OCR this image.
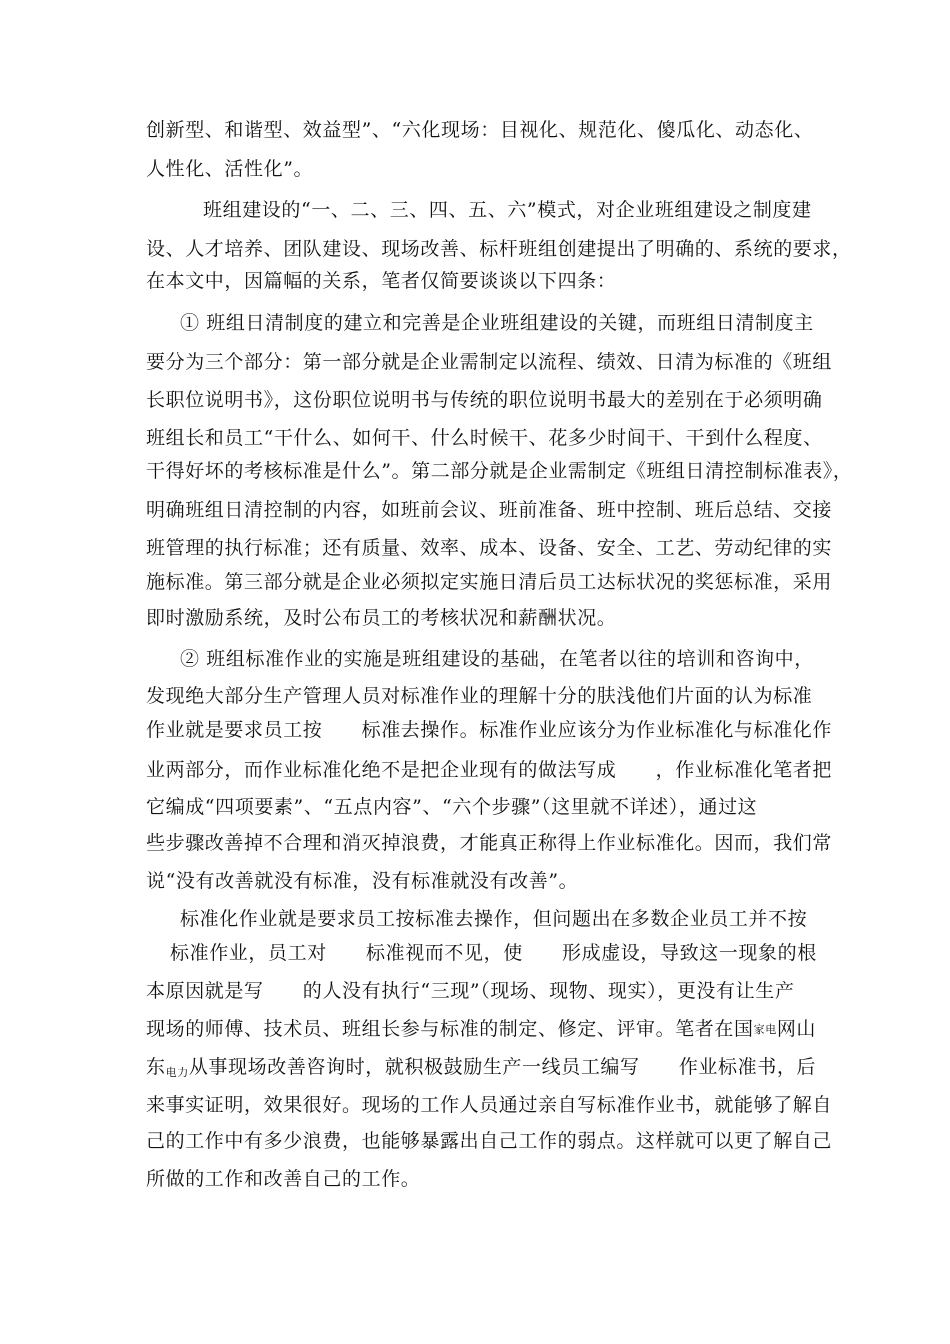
创新型、和谐型、效益型”、“六化现场：目视化、规范化、傻瓜化、动态化、
人性化、活性化”。
班组建设的“一、二、三、四、五、六”模式，对企业班组建设之制度建
设、人才培养、团队建设、现场改善、标杆班组创建提出了明确的、系统的要求，
在本文中，因篇幅的关系，笔者仅简要谈谈以下四条：
① 班组日清制度的建立和完善是企业班组建设的关键，而班组日清制度主
要分为三个部分：第一部分就是企业需制定以流程、绩效、日清为标准的《班组
长职位说明书》，这份职位说明书与传统的职位说明书最大的差别在于必须明确
班组长和员工“干什么、如何干、什么时候干、花多少时间干、干到什么程度、
干得好坏的考核标准是什么”。第二部分就是企业需制定《班组日清控制标准表》，
明确班组日清控制的内容，如班前会议、班前准备、班中控制、班后总结、交接
班管理的执行标准；还有质量、效率、成本、设备、安全、工艺、劳动纪律的实
施标准。第三部分就是企业必须拟定实施日清后员工达标状况的奖惩标准，采用
即时激励系统，及时公布员工的考核状况和薪酬状况。
② 班组标准作业的实施是班组建设的基础，在笔者以往的培训和咨询中，
发现绝大部分生产管理人员对标准作业的理解十分的肤浅他们片面的认为标准
作业就是要求员工按　　标准去操作。标准作业应该分为作业标准化与标准化作
业两部分，而作业标准化绝不是把企业现有的做法写成　　，作业标准化笔者把
它编成“四项要素”、“五点内容”、“六个步骤”（这里就不详述），通过这
些步骤改善掉不合理和消灭掉浪费，才能真正称得上作业标准化。因而，我们常
说“没有改善就没有标准，没有标准就没有改善”。
标准化作业就是要求员工按标准去操作，但问题出在多数企业员工并不按
标准作业，员工对　　标准视而不见，使　　形成虚设，导致这一现象的根
本原因就是写　　的人没有执行“三现”（现场、现物、现实），更没有让生产
现场的师傅、技术员、班组长参与标准的制定、修定、评审。笔者在国家电网山
东电力从事现场改善咨询时，就积极鼓励生产一线员工编写　　作业标准书，后
来事实证明，效果很好。现场的工作人员通过亲自写标准作业书，就能够了解自
己的工作中有多少浪费，也能够暴露出自己工作的弱点。这样就可以更了解自己
所做的工作和改善自己的工作。
